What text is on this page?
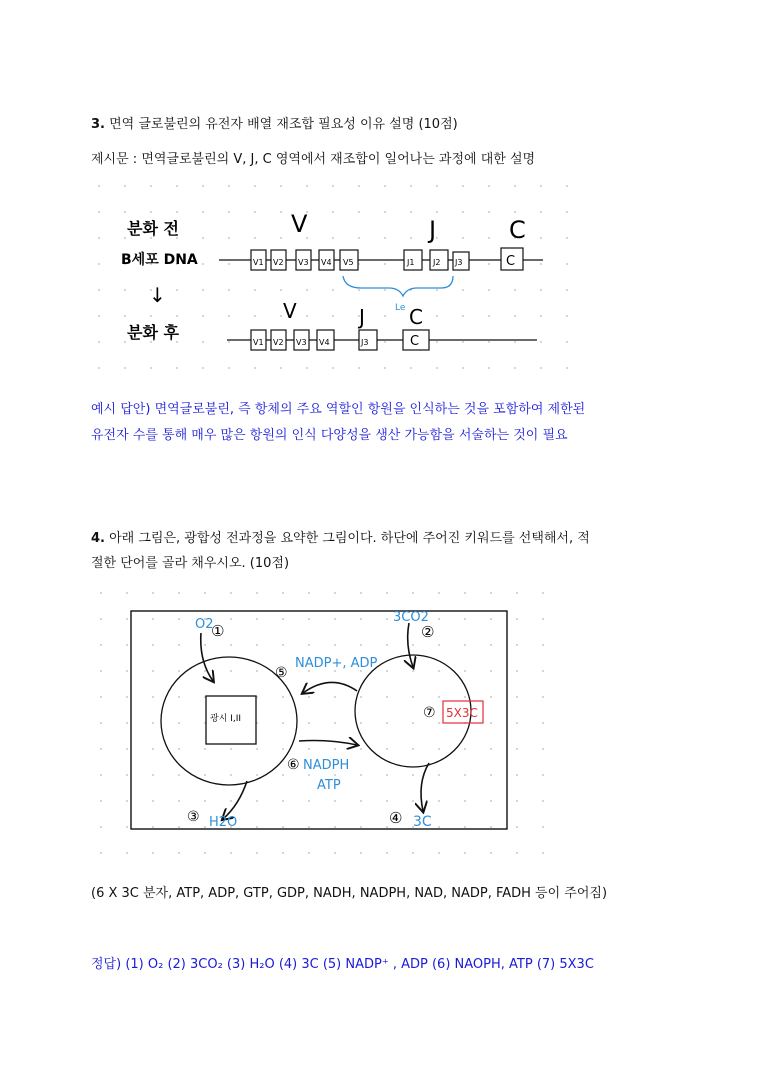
3. 면역 글로불린의 유전자 배열 재조합 필요성 이유 설명 (10점)
제시문 : 면역글로불린의 V, J, C 영역에서 재조합이 일어나는 과정에 대한 설명
분화 전
B세포 DNA
↓
분화 후
V	J	C
V1 V2 V3 V4 V5	J1 J2 J3	C
Le
V	J C
V1 V2 V3 V4	J3	C
예시 답안) 면역글로불린, 즉 항체의 주요 역할인 항원을 인식하는 것을 포함하여 제한된
유전자 수를 통해 매우 많은 항원의 인식 다양성을 생산 가능함을 서술하는 것이 필요
4. 아래 그림은, 광합성 전과정을 요약한 그림이다. 하단에 주어진 키워드를 선택해서, 적
절한 단어를 골라 채우시오. (10점)
광시 I,II
O2
①
3CO2
②
⑤
NADP+, ADP
⑥ NADPH
ATP
⑦ 5X3C
③ H2O	④ 3C
(6 X 3C 분자, ATP, ADP, GTP, GDP, NADH, NADPH, NAD, NADP, FADH 등이 주어짐)
정답) (1) O₂ (2) 3CO₂ (3) H₂O (4) 3C (5) NADP⁺ , ADP (6) NAOPH, ATP (7) 5X3C
